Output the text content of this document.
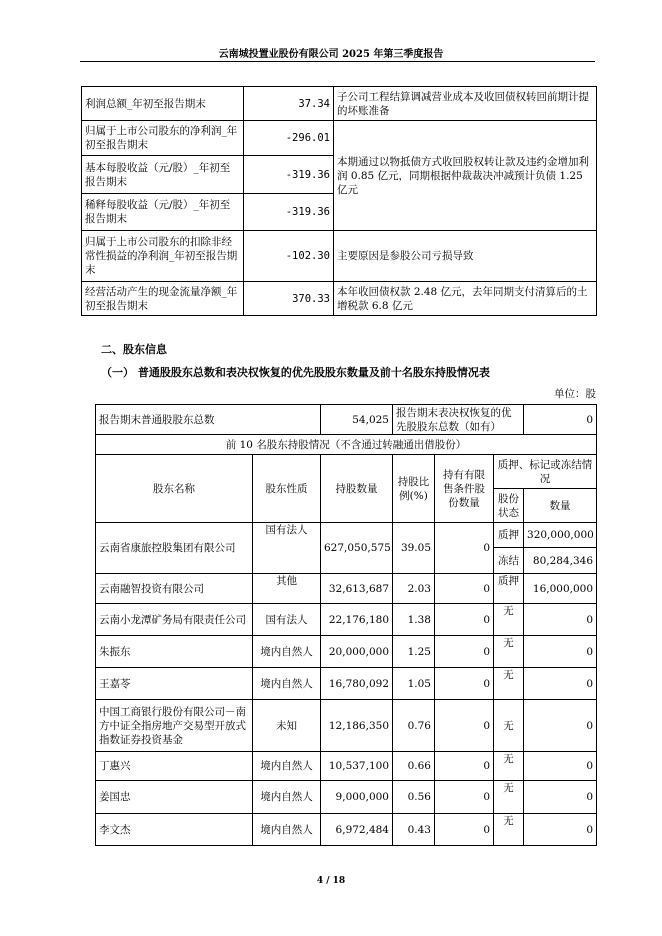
云南城投置业股份有限公司 2025 年第三季度报告
利润总额_年初至报告期末	37.34	子公司工程结算调减营业成本及收回债权转回前期计提的坏账准备
归属于上市公司股东的净利润_年初至报告期末	-296.01	本期通过以物抵债方式收回股权转让款及违约金增加利润 0.85 亿元，同期根据仲裁裁决冲减预计负债 1.25 亿元
基本每股收益（元/股）_年初至报告期末	-319.36	
稀释每股收益（元/股）_年初至报告期末	-319.36	
归属于上市公司股东的扣除非经常性损益的净利润_年初至报告期末	-102.30	主要原因是参股公司亏损导致
经营活动产生的现金流量净额_年初至报告期末	370.33	本年收回债权款 2.48 亿元，去年同期支付清算后的土增税款 6.8 亿元
二、股东信息
（一） 普通股股东总数和表决权恢复的优先股股东数量及前十名股东持股情况表
单位：股
报告期末普通股股东总数		54,025	报告期末表决权恢复的优先股股东总数（如有）			0
前 10 名股东持股情况（不含通过转融通出借股份）						
股东名称	股东性质	持股数量	持股比例(%)	持有有限售条件股份数量	质押、标记或冻结情况	
					股份状态	数量
云南省康旅控股集团有限公司	国有法人	627,050,575	39.05	0	质押	320,000,000
					冻结	80,284,346
云南融智投资有限公司	其他	32,613,687	2.03	0	质押	16,000,000
云南小龙潭矿务局有限责任公司	国有法人	22,176,180	1.38	0	无	0
朱振东	境内自然人	20,000,000	1.25	0	无	0
王嘉苓	境内自然人	16,780,092	1.05	0	无	0
中国工商银行股份有限公司－南方中证全指房地产交易型开放式指数证券投资基金	未知	12,186,350	0.76	0	无	0
丁惠兴	境内自然人	10,537,100	0.66	0	无	0
姜国忠	境内自然人	9,000,000	0.56	0	无	0
李文杰	境内自然人	6,972,484	0.43	0	无	0
4 / 18
